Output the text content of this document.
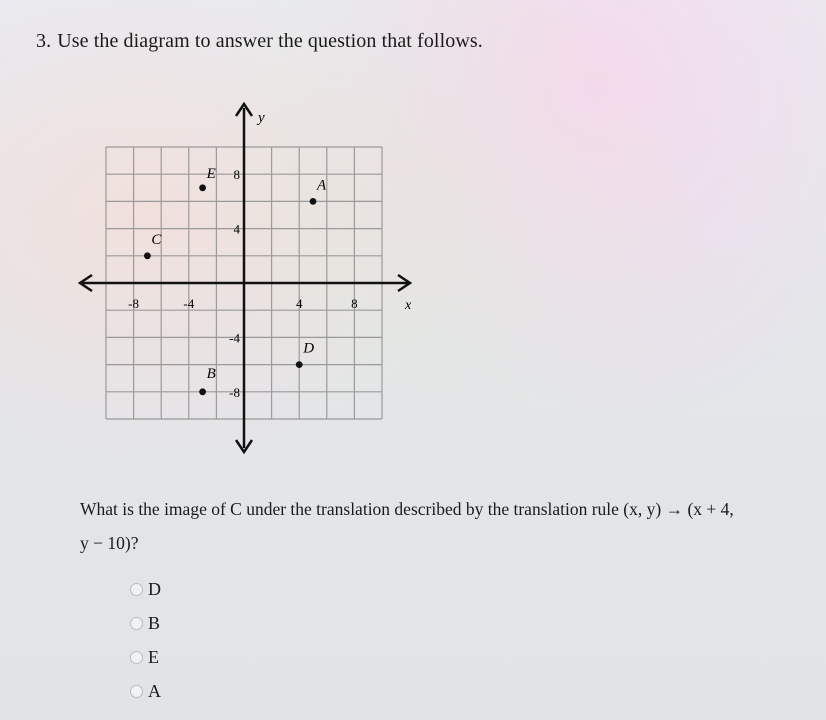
3. Use the diagram to answer the question that follows.
y
x
-8	-4	4	8
8
4
-4
-8
E
A
C
D
B
What is the image of C under the translation described by the translation rule (x, y) → (x + 4,
y − 10)?
D
B
E
A
